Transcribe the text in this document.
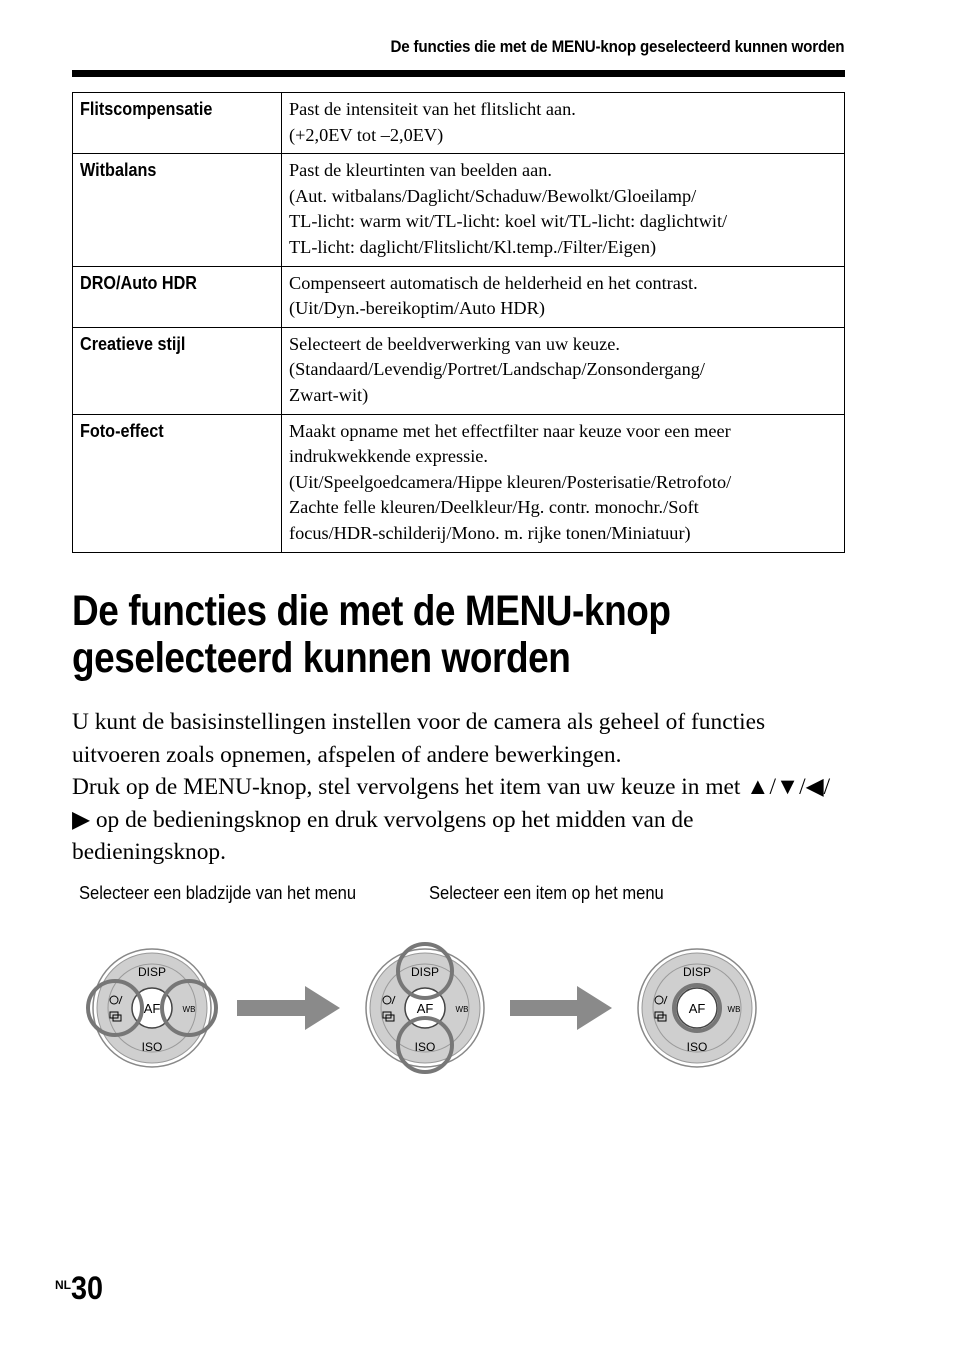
De functies die met de MENU-knop geselecteerd kunnen worden
Flitscompensatie	Past de intensiteit van het flitslicht aan.
(+2,0EV tot –2,0EV)

Witbalans	Past de kleurtinten van beelden aan.
(Aut. witbalans/Daglicht/Schaduw/Bewolkt/Gloeilamp/
TL-licht: warm wit/TL-licht: koel wit/TL-licht: daglichtwit/
TL-licht: daglicht/Flitslicht/Kl.temp./Filter/Eigen)

DRO/Auto HDR	Compenseert automatisch de helderheid en het contrast.
(Uit/Dyn.-bereikoptim/Auto HDR)

Creatieve stijl	Selecteert de beeldverwerking van uw keuze.
(Standaard/Levendig/Portret/Landschap/Zonsondergang/
Zwart-wit)

Foto-effect	Maakt opname met het effectfilter naar keuze voor een meer
indrukwekkende expressie.
(Uit/Speelgoedcamera/Hippe kleuren/Posterisatie/Retrofoto/
Zachte felle kleuren/Deelkleur/Hg. contr. monochr./Soft
focus/HDR-schilderij/Mono. m. rijke tonen/Miniatuur)
De functies die met de MENU-knop
geselecteerd kunnen worden

U kunt de basisinstellingen instellen voor de camera als geheel of functies uitvoeren zoals opnemen, afspelen of andere bewerkingen.

Druk op de MENU-knop, stel vervolgens het item van uw keuze in met ▲/▼/◀/▶ op de bedieningsknop en druk vervolgens op het midden van de bedieningsknop.

Selecteer een bladzijde van het menu	Selecteer een item op het menu
DISP
ISO
AF	WB
DISP
ISO
AF	WB
DISP
ISO
AF	WB
$^{NL}$30
